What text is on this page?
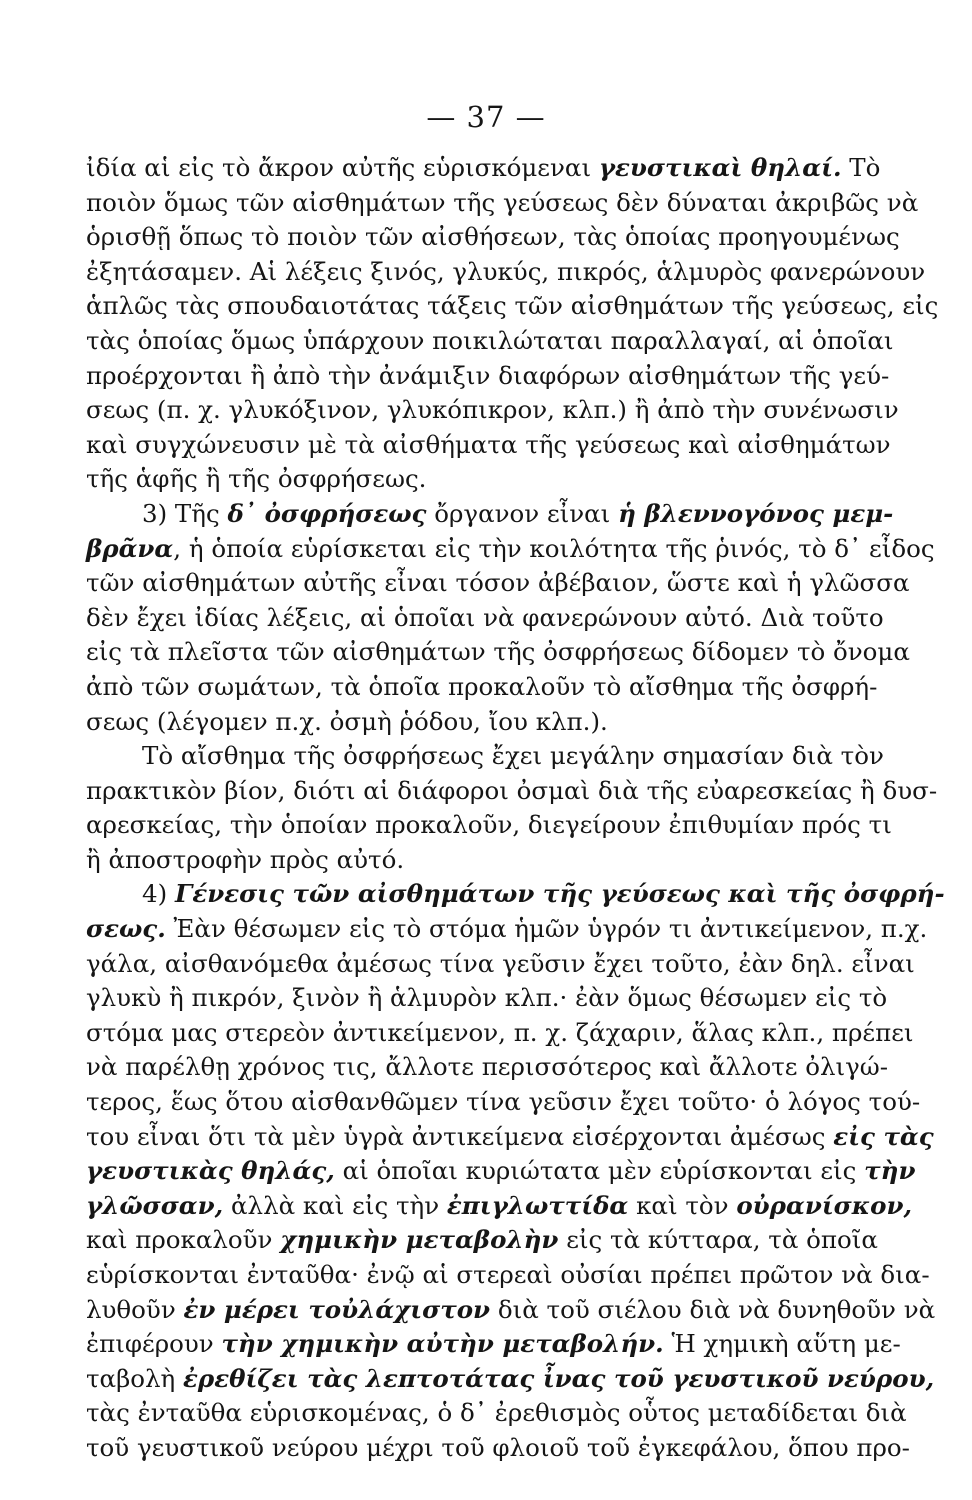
— 37 —
ἰδία αἱ εἰς τὸ ἄκρον αὐτῆς εὑρισκόμεναι γευστικαὶ θηλαί. Τὸ
ποιὸν ὅμως τῶν αἰσθημάτων τῆς γεύσεως δὲν δύναται ἀκριβῶς νὰ
ὁρισθῇ ὅπως τὸ ποιὸν τῶν αἰσθήσεων, τὰς ὁποίας προηγουμένως
ἐξητάσαμεν. Αἱ λέξεις ξινός, γλυκύς, πικρός, ἁλμυρὸς φανερώνουν
ἁπλῶς τὰς σπουδαιοτάτας τάξεις τῶν αἰσθημάτων τῆς γεύσεως, εἰς
τὰς ὁποίας ὅμως ὑπάρχουν ποικιλώταται παραλλαγαί, αἱ ὁποῖαι
προέρχονται ἢ ἀπὸ τὴν ἀνάμιξιν διαφόρων αἰσθημάτων τῆς γεύ-
σεως (π. χ. γλυκόξινον, γλυκόπικρον, κλπ.) ἢ ἀπὸ τὴν συνένωσιν
καὶ συγχώνευσιν μὲ τὰ αἰσθήματα τῆς γεύσεως καὶ αἰσθημάτων
τῆς ἁφῆς ἢ τῆς ὀσφρήσεως.
3) Τῆς δ᾽ ὀσφρήσεως ὄργανον εἶναι ἡ βλεννογόνος μεμ-
βρᾶνα, ἡ ὁποία εὑρίσκεται εἰς τὴν κοιλότητα τῆς ῥινός, τὸ δ᾽ εἶδος
τῶν αἰσθημάτων αὐτῆς εἶναι τόσον ἀβέβαιον, ὥστε καὶ ἡ γλῶσσα
δὲν ἔχει ἰδίας λέξεις, αἱ ὁποῖαι νὰ φανερώνουν αὐτό. Διὰ τοῦτο
εἰς τὰ πλεῖστα τῶν αἰσθημάτων τῆς ὀσφρήσεως δίδομεν τὸ ὄνομα
ἀπὸ τῶν σωμάτων, τὰ ὁποῖα προκαλοῦν τὸ αἴσθημα τῆς ὀσφρή-
σεως (λέγομεν π.χ. ὀσμὴ ῥόδου, ἴου κλπ.).
Τὸ αἴσθημα τῆς ὀσφρήσεως ἔχει μεγάλην σημασίαν διὰ τὸν
πρακτικὸν βίον, διότι αἱ διάφοροι ὀσμαὶ διὰ τῆς εὐαρεσκείας ἢ δυσ-
αρεσκείας, τὴν ὁποίαν προκαλοῦν, διεγείρουν ἐπιθυμίαν πρός τι
ἢ ἀποστροφὴν πρὸς αὐτό.
4) Γένεσις τῶν αἰσθημάτων τῆς γεύσεως καὶ τῆς ὀσφρή-
σεως. Ἐὰν θέσωμεν εἰς τὸ στόμα ἡμῶν ὑγρόν τι ἀντικείμενον, π.χ.
γάλα, αἰσθανόμεθα ἀμέσως τίνα γεῦσιν ἔχει τοῦτο, ἐὰν δηλ. εἶναι
γλυκὺ ἢ πικρόν, ξινὸν ἢ ἁλμυρὸν κλπ.· ἐὰν ὅμως θέσωμεν εἰς τὸ
στόμα μας στερεὸν ἀντικείμενον, π. χ. ζάχαριν, ἅλας κλπ., πρέπει
νὰ παρέλθῃ χρόνος τις, ἄλλοτε περισσότερος καὶ ἄλλοτε ὀλιγώ-
τερος, ἕως ὅτου αἰσθανθῶμεν τίνα γεῦσιν ἔχει τοῦτο· ὁ λόγος τού-
του εἶναι ὅτι τὰ μὲν ὑγρὰ ἀντικείμενα εἰσέρχονται ἀμέσως εἰς τὰς
γευστικὰς θηλάς, αἱ ὁποῖαι κυριώτατα μὲν εὑρίσκονται εἰς τὴν
γλῶσσαν, ἀλλὰ καὶ εἰς τὴν ἐπιγλωττίδα καὶ τὸν οὐρανίσκον,
καὶ προκαλοῦν χημικὴν μεταβολὴν εἰς τὰ κύτταρα, τὰ ὁποῖα
εὑρίσκονται ἐνταῦθα· ἐνῷ αἱ στερεαὶ οὐσίαι πρέπει πρῶτον νὰ δια-
λυθοῦν ἐν μέρει τοὐλάχιστον διὰ τοῦ σιέλου διὰ νὰ δυνηθοῦν νὰ
ἐπιφέρουν τὴν χημικὴν αὐτὴν μεταβολήν. Ἡ χημικὴ αὕτη με-
ταβολὴ ἐρεθίζει τὰς λεπτοτάτας ἶνας τοῦ γευστικοῦ νεύρου,
τὰς ἐνταῦθα εὑρισκομένας, ὁ δ᾽ ἐρεθισμὸς οὗτος μεταδίδεται διὰ
τοῦ γευστικοῦ νεύρου μέχρι τοῦ φλοιοῦ τοῦ ἐγκεφάλου, ὅπου προ-
